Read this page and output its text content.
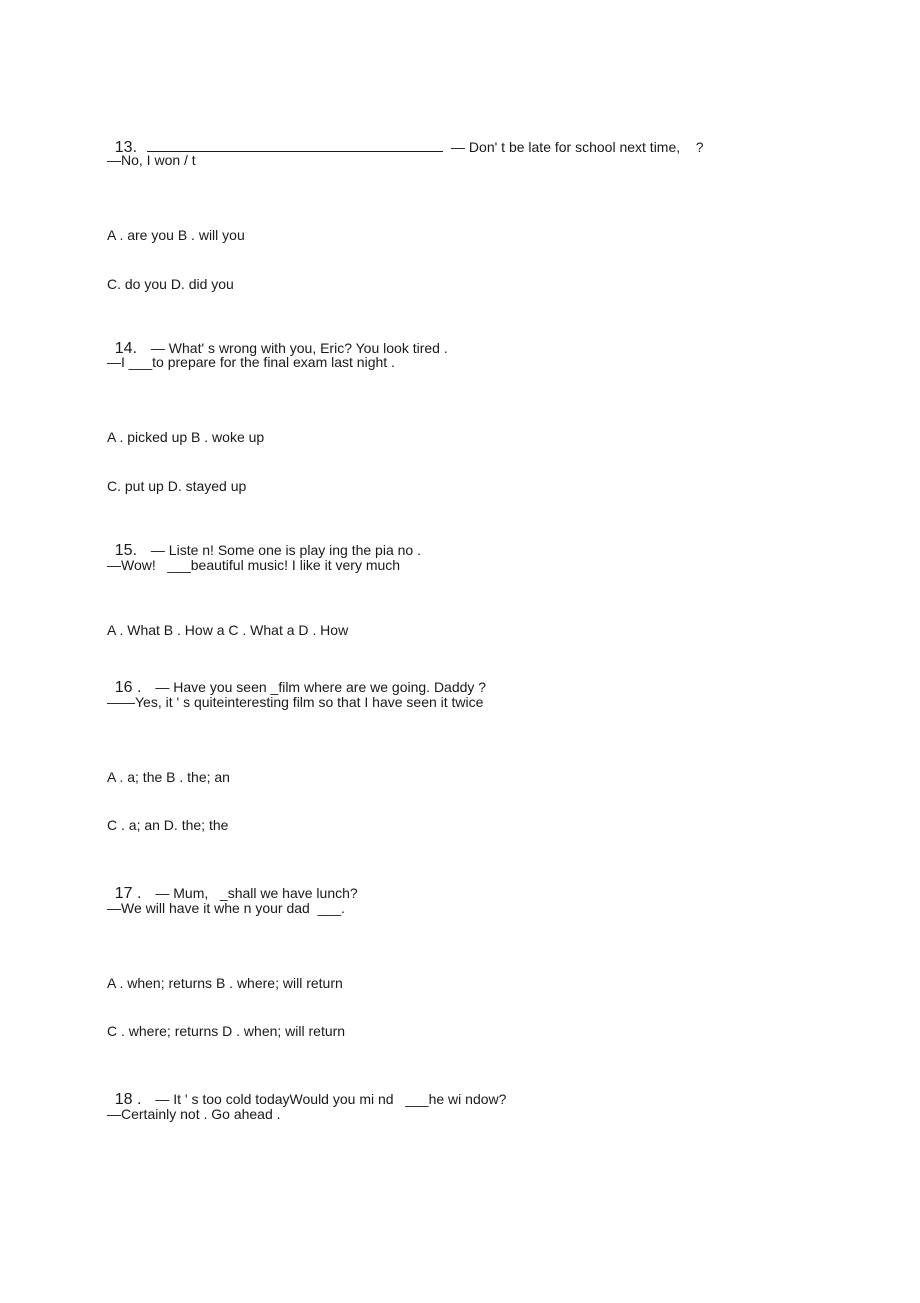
13.	— Don' t be late for school next time,    ?

—No, I won / t
A . are you B . will you
C. do you D. did you

14. — What' s wrong with you, Eric? You look tired .

—I ___to prepare for the final exam last night .
A . picked up B . woke up
C. put up D. stayed up

15. — Liste n! Some one is play ing the pia no .

—Wow!   ___beautiful music! I like it very much
A . What B . How a C . What a D . How

16 . — Have you seen _film where are we going. Daddy ?

——Yes, it ' s quiteinteresting film so that I have seen it twice
A . a; the B . the; an
C . a; an D. the; the

17 . — Mum,   _shall we have lunch?

—We will have it whe n your dad  ___.
A . when; returns B . where; will return
C . where; returns D . when; will return

18 . — It ' s too cold todayWould you mi nd   ___he wi ndow?

—Certainly not . Go ahead .
